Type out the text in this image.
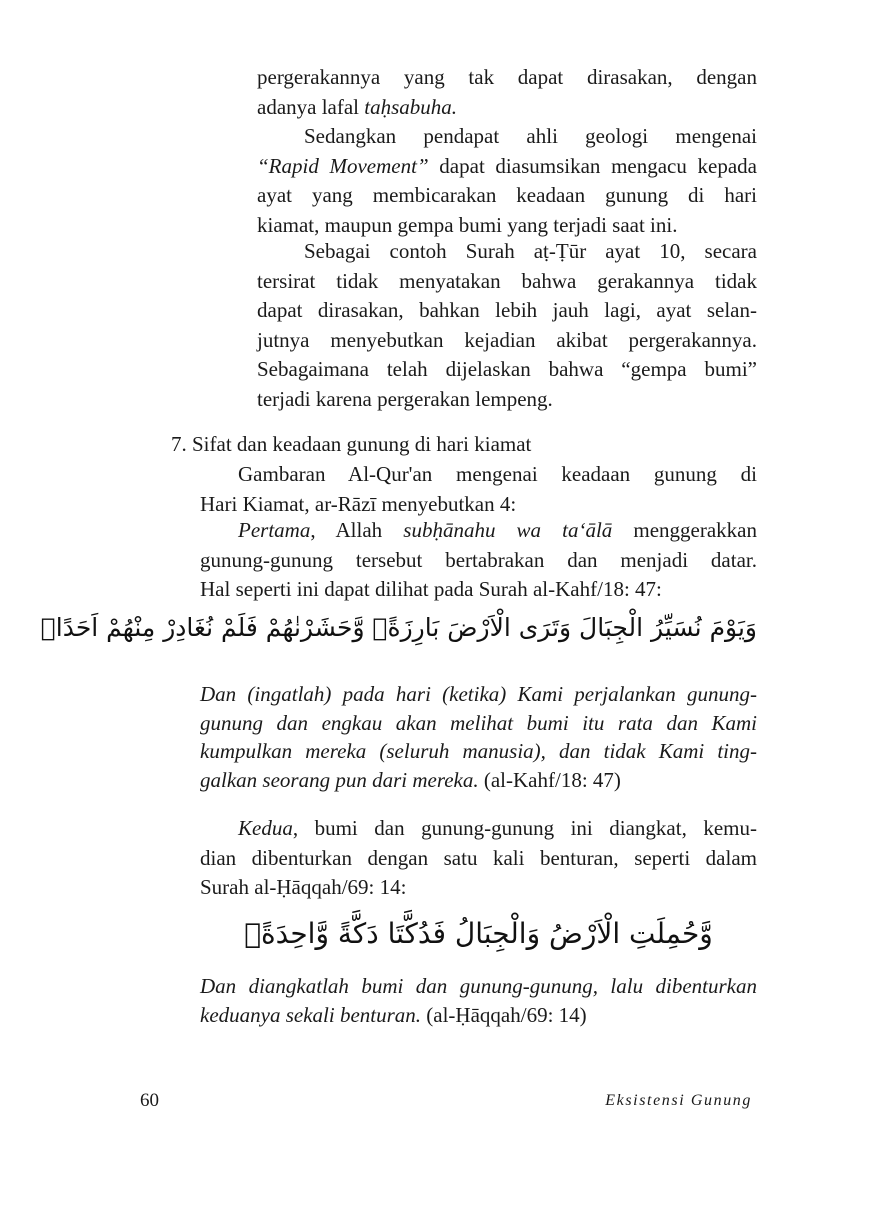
pergerakannya yang tak dapat dirasakan, dengan
adanya lafal taḥsabuha.
Sedangkan pendapat ahli geologi mengenai
“Rapid Movement” dapat diasumsikan mengacu kepada
ayat yang membicarakan keadaan gunung di hari
kiamat, maupun gempa bumi yang terjadi saat ini.
Sebagai contoh Surah aṭ-Ṭūr ayat 10, secara
tersirat tidak menyatakan bahwa gerakannya tidak
dapat dirasakan, bahkan lebih jauh lagi, ayat selan-
jutnya menyebutkan kejadian akibat pergerakannya.
Sebagaimana telah dijelaskan bahwa “gempa bumi”
terjadi karena pergerakan lempeng.
7. Sifat dan keadaan gunung di hari kiamat
Gambaran Al-Qur'an mengenai keadaan gunung di
Hari Kiamat, ar-Rāzī menyebutkan 4:
Pertama, Allah subḥānahu wa ta‘ālā menggerakkan
gunung-gunung tersebut bertabrakan dan menjadi datar.
Hal seperti ini dapat dilihat pada Surah al-Kahf/18: 47:
وَيَوْمَ نُسَيِّرُ الْجِبَالَ وَتَرَى الْاَرْضَ بَارِزَةًۙ وَّحَشَرْنٰهُمْ فَلَمْ نُغَادِرْ مِنْهُمْ اَحَدًاۚ
Dan (ingatlah) pada hari (ketika) Kami perjalankan gunung-
gunung dan engkau akan melihat bumi itu rata dan Kami
kumpulkan mereka (seluruh manusia), dan tidak Kami ting-
galkan seorang pun dari mereka. (al-Kahf/18: 47)
Kedua, bumi dan gunung-gunung ini diangkat, kemu-
dian dibenturkan dengan satu kali benturan, seperti dalam
Surah al-Ḥāqqah/69: 14:
وَّحُمِلَتِ الْاَرْضُ وَالْجِبَالُ فَدُكَّتَا دَكَّةً وَّاحِدَةًۙ
Dan diangkatlah bumi dan gunung-gunung, lalu dibenturkan
keduanya sekali benturan. (al-Ḥāqqah/69: 14)
60	Eksistensi Gunung
